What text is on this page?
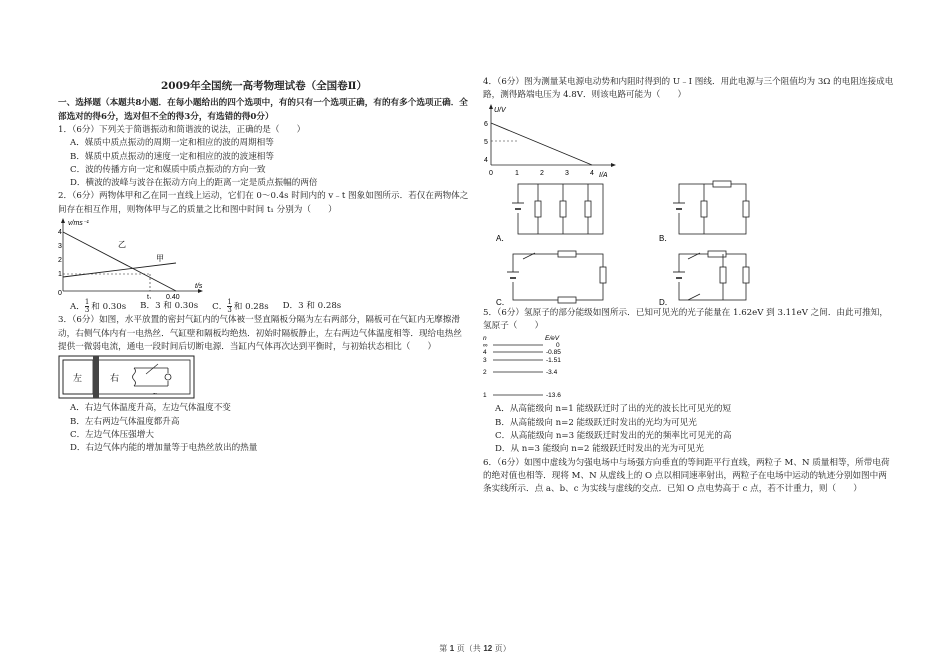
2009年全国统一高考物理试卷（全国卷Ⅱ）

一、选择题（本题共8小题．在每小题给出的四个选项中，有的只有一个选项正确，有的有多个选项正确．全部选对的得6分，选对但不全的得3分，有选错的得0分）

1．（6分）下列关于简谐振动和简谐波的说法，正确的是（　　）

A．媒质中质点振动的周期一定和相应的波的周期相等

B．媒质中质点振动的速度一定和相应的波的波速相等

C．波的传播方向一定和媒质中质点振动的方向一致

D．横波的波峰与波谷在振动方向上的距离一定是质点振幅的两倍

2．（6分）两物体甲和乙在同一直线上运动，它们在 0～0.4s 时间内的 v﹣t 图象如图所示．若仅在两物体之间存在相互作用，则物体甲与乙的质量之比和图中时间 t₁ 分别为（　　）

v/ms⁻¹
t/s
4
3
2
1
0
乙
甲
t₁ 0.40
A． $\frac{1}{3}$ 和 0.30s B．3 和 0.30s C． $\frac{1}{3}$ 和 0.28s D．3 和 0.28s

3．（6分）如图，水平放置的密封气缸内的气体被一竖直隔板分隔为左右两部分，隔板可在气缸内无摩擦滑动，右侧气体内有一电热丝．气缸壁和隔板均绝热．初始时隔板静止，左右两边气体温度相等．现给电热丝提供一微弱电流，通电一段时间后切断电源．当缸内气体再次达到平衡时，与初始状态相比（　　）

左	右
~

A．右边气体温度升高，左边气体温度不变

B．左右两边气体温度都升高

C．左边气体压强增大

D．右边气体内能的增加量等于电热丝放出的热量

4．（6分）图为测量某电源电动势和内阻时得到的 U﹣I 图线．用此电源与三个阻值均为 3Ω 的电阻连接成电路，测得路端电压为 4.8V．则该电路可能为（　　）

U/V
I/A
6
5
4
0	1	2	3	4
A．	B．
C．	D．

5．（6分）氢原子的部分能级如图所示．已知可见光的光子能量在 1.62eV 到 3.11eV 之间．由此可推知，氢原子（　　）

n	E/eV
∞	0
4	-0.85
3	-1.51
2	-3.4
1	-13.6

A．从高能级向 n=1 能级跃迁时了出的光的波长比可见光的短

B．从高能级向 n=2 能级跃迁时发出的光均为可见光

C．从高能级向 n=3 能级跃迁时发出的光的频率比可见光的高

D．从 n=3 能级向 n=2 能级跃迁时发出的光为可见光

6．（6分）如图中虚线为匀强电场中与场强方向垂直的等间距平行直线，两粒子 M、N 质量相等，所带电荷的绝对值也相等．现将 M、N 从虚线上的 O 点以相同速率射出，两粒子在电场中运动的轨迹分别如图中两条实线所示．点 a、b、c 为实线与虚线的交点．已知 O 点电势高于 c 点，若不计重力，则（　　）

第 1 页（共 12 页）
